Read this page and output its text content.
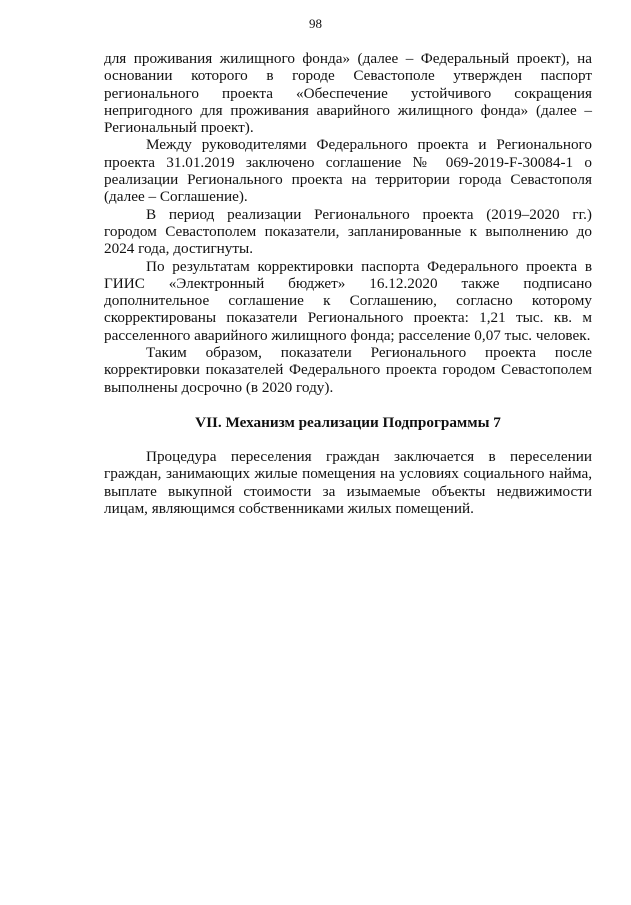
98

для проживания жилищного фонда» (далее – Федеральный проект), на основании которого в городе Севастополе утвержден паспорт регионального проекта «Обеспечение устойчивого сокращения непригодного для проживания аварийного жилищного фонда» (далее – Региональный проект).

Между руководителями Федерального проекта и Регионального проекта 31.01.2019 заключено соглашение № 069-2019-F-30084-1 о реализации Регионального проекта на территории города Севастополя (далее – Соглашение).

В период реализации Регионального проекта (2019–2020 гг.) городом Севастополем показатели, запланированные к выполнению до 2024 года, достигнуты.

По результатам корректировки паспорта Федерального проекта в ГИИС «Электронный бюджет» 16.12.2020 также подписано дополнительное соглашение к Соглашению, согласно которому скорректированы показатели Регионального проекта: 1,21 тыс. кв. м расселенного аварийного жилищного фонда; расселение 0,07 тыс. человек.

Таким образом, показатели Регионального проекта после корректировки показателей Федерального проекта городом Севастополем выполнены досрочно (в 2020 году).

VII. Механизм реализации Подпрограммы 7

Процедура переселения граждан заключается в переселении граждан, занимающих жилые помещения на условиях социального найма, выплате выкупной стоимости за изымаемые объекты недвижимости лицам, являющимся собственниками жилых помещений.
